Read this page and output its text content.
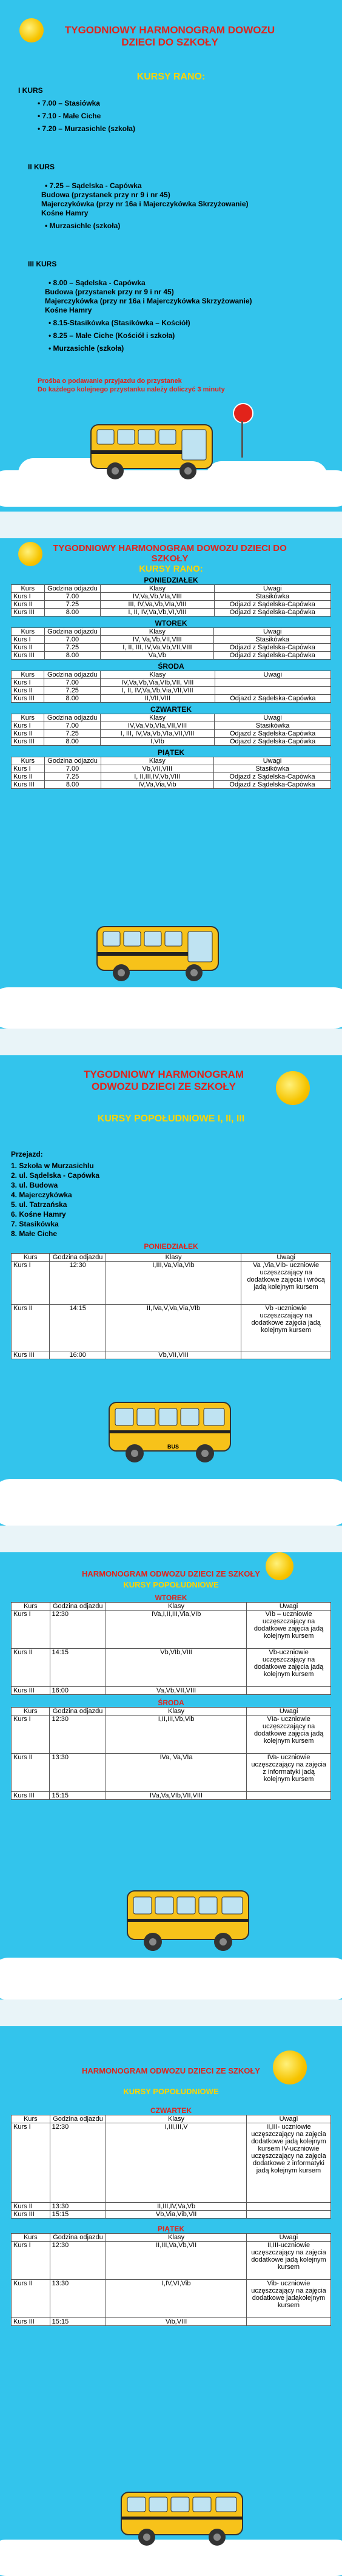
TYGODNIOWY HARMONOGRAM DOWOZU DZIECI DO SZKOŁY
KURSY RANO:
I KURS
• 7.00 – Stasiówka
• 7.10 - Małe Ciche
• 7.20 – Murzasichle (szkoła)
II KURS
• 7.25 – Sądelska - Capówka
Budowa (przystanek przy nr 9 i nr 45)
Majerczykówka (przy nr 16a i Majerczykówka Skrzyżowanie)
Kośne Hamry
• Murzasichle (szkoła)
III KURS
• 8.00 – Sądelska - Capówka
Budowa (przystanek przy nr 9 i nr 45)
Majerczykówka (przy nr 16a i Majerczykówka Skrzyżowanie)
Kośne Hamry
• 8.15-Stasikówka (Stasikówka – Kościół)
• 8.25 – Małe Ciche (Kościół i szkoła)
• Murzasichle (szkoła)
Prośba o podawanie przyjazdu do przystanek
Do każdego kolejnego przystanku należy doliczyć 3 minuty
TYGODNIOWY HARMONOGRAM DOWOZU DZIECI DO SZKOŁY
KURSY RANO:
PONIEDZIAŁEK
Kurs	Godzina odjazdu	Klasy	Uwagi
Kurs I	7.00	IV,Va,Vb,VIa,VIII	Stasikówka
Kurs II	7.25	III, IV,Va,Vb,VIa,VIII	Odjazd z Sądelska-Capówka
Kurs III	8.00	I, II, IV,Va,Vb,VI,VIII	Odjazd z Sądelska-Capówka
WTOREK
Kurs	Godzina odjazdu	Klasy	Uwagi
Kurs I	7.00	IV, Va,Vb,VII,VIII	Stasikówka
Kurs II	7.25	I, II, III, IV,Va,Vb,VII,VIII	Odjazd z Sądelska-Capówka
Kurs III	8.00	Va,Vb	Odjazd z Sądelska-Capówka
ŚRODA
Kurs	Godzina odjazdu	Klasy	Uwagi
Kurs I	7.00	IV,Va,Vb,Via,VIb,VII, VIII	
Kurs II	7.25	I, II, IV,Va,Vb,Via,VII,VIII	
Kurs III	8.00	II,VII,VIII	Odjazd z Sądelska-Capówka
CZWARTEK
Kurs	Godzina odjazdu	Klasy	Uwagi
Kurs I	7.00	IV,Va,Vb,VIa,VII,VIII	Stasikówka
Kurs II	7.25	I, III, IV,Va,Vb,VIa,VII,VIII	Odjazd z Sądelska-Capówka
Kurs III	8.00	I,VIb	Odjazd z Sądelska-Capówka
PIĄTEK
Kurs	Godzina odjazdu	Klasy	Uwagi
Kurs I	7.00	Vb,VII,VIII	Stasikówka
Kurs II	7.25	I, II,III,IV,Vb,VIII	Odjazd z Sądelska-Capówka
Kurs III	8.00	IV,Va,Via,Vib	Odjazd z Sądelska-Capówka
TYGODNIOWY HARMONOGRAM ODWOZU DZIECI ZE SZKOŁY
KURSY POPOŁUDNIOWE I, II, III
Przejazd:
1. Szkoła w Murzasichlu
2. ul. Sądelska - Capówka
3. ul. Budowa
4. Majerczykówka
5. ul. Tatrzańska
6. Kośne Hamry
7. Stasikówka
8. Małe Ciche
PONIEDZIAŁEK
Kurs	Godzina odjazdu	Klasy	Uwagi
Kurs I	12:30	I,III,Va,Via,VIb	Va ,Via,VIb- uczniowie uczęszczający na dodatkowe zajęcia i wrócą jadą kolejnym kursem
Kurs II	14:15	II,IVa,V,Va,Via,VIb	Vb -uczniowie uczęszczający na dodatkowe zajęcia jadą kolejnym kursem
Kurs III	16:00	Vb,VII,VIII	
BUS
HARMONOGRAM ODWOZU DZIECI ZE SZKOŁY
KURSY POPOŁUDNIOWE
WTOREK
Kurs	Godzina odjazdu	Klasy	Uwagi
Kurs I	12:30	IVa,I,II,III,Via,VIb	VIb – uczniowie uczęszczający na dodatkowe zajęcia jadą kolejnym kursem
Kurs II	14:15	Vb,VIb,VIII	Vb-uczniowie uczęszczający na dodatkowe zajęcia jadą kolejnym kursem
Kurs III	16:00	Va,Vb,VII,VIII	
ŚRODA
Kurs	Godzina odjazdu	Klasy	Uwagi
Kurs I	12:30	I,II,III,Vb,Vib	VIa- uczniowie uczęszczający na dodatkowe zajęcia jadą kolejnym kursem
Kurs II	13:30	IVa, Va,VIa	IVa- uczniowie uczęszczający na zajęcia z informatyki jadą kolejnym kursem
Kurs III	15:15	IVa,Va,VIb,VII,VIII	
HARMONOGRAM ODWOZU DZIECI ZE SZKOŁY
KURSY POPOŁUDNIOWE
CZWARTEK
Kurs	Godzina odjazdu	Klasy	Uwagi
Kurs I	12:30	I,III,III,V	II,III- uczniowie uczęszczający na zajęcia dodatkowe jadą kolejnym kursem IV-uczniowie uczęszczający na zajęcia dodatkowe z informatyki jadą kolejnym kursem
Kurs II	13:30	II,III,IV,Va,Vb	
Kurs III	15:15	Vb,Via,Vib,VII	
PIĄTEK
Kurs	Godzina odjazdu	Klasy	Uwagi
Kurs I	12:30	II,III,Va,Vb,VII	II,III-uczniowie uczęszczający na zajęcia dodatkowe jadą kolejnym kursem
Kurs II	13:30	I,IV,VI,Vib	Vib- uczniowie uczęszczający na zajęcia dodatkowe jadąkolejnym kursem
Kurs III	15:15	Vib,VIII	
